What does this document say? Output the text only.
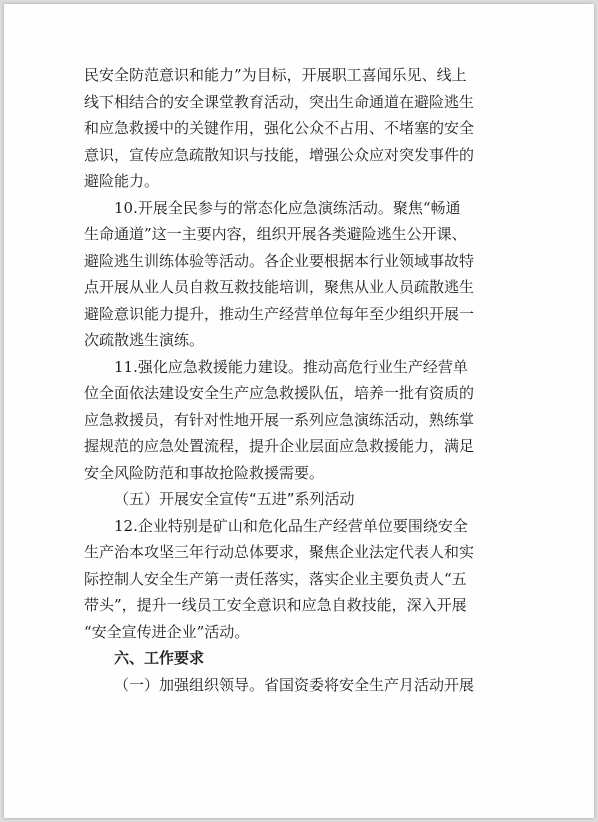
民安全防范意识和能力”为目标，开展职工喜闻乐见、线上
线下相结合的安全课堂教育活动，突出生命通道在避险逃生
和应急救援中的关键作用，强化公众不占用、不堵塞的安全
意识，宣传应急疏散知识与技能，增强公众应对突发事件的
避险能力。
10.开展全民参与的常态化应急演练活动。聚焦“畅通
生命通道”这一主要内容，组织开展各类避险逃生公开课、
避险逃生训练体验等活动。各企业要根据本行业领域事故特
点开展从业人员自救互救技能培训，聚焦从业人员疏散逃生
避险意识能力提升，推动生产经营单位每年至少组织开展一
次疏散逃生演练。
11.强化应急救援能力建设。推动高危行业生产经营单
位全面依法建设安全生产应急救援队伍，培养一批有资质的
应急救援员，有针对性地开展一系列应急演练活动，熟练掌
握规范的应急处置流程，提升企业层面应急救援能力，满足
安全风险防范和事故抢险救援需要。
（五）开展安全宣传“五进”系列活动
12.企业特别是矿山和危化品生产经营单位要围绕安全
生产治本攻坚三年行动总体要求，聚焦企业法定代表人和实
际控制人安全生产第一责任落实，落实企业主要负责人“五
带头”，提升一线员工安全意识和应急自救技能，深入开展
“安全宣传进企业”活动。
六、工作要求
（一）加强组织领导。省国资委将安全生产月活动开展
